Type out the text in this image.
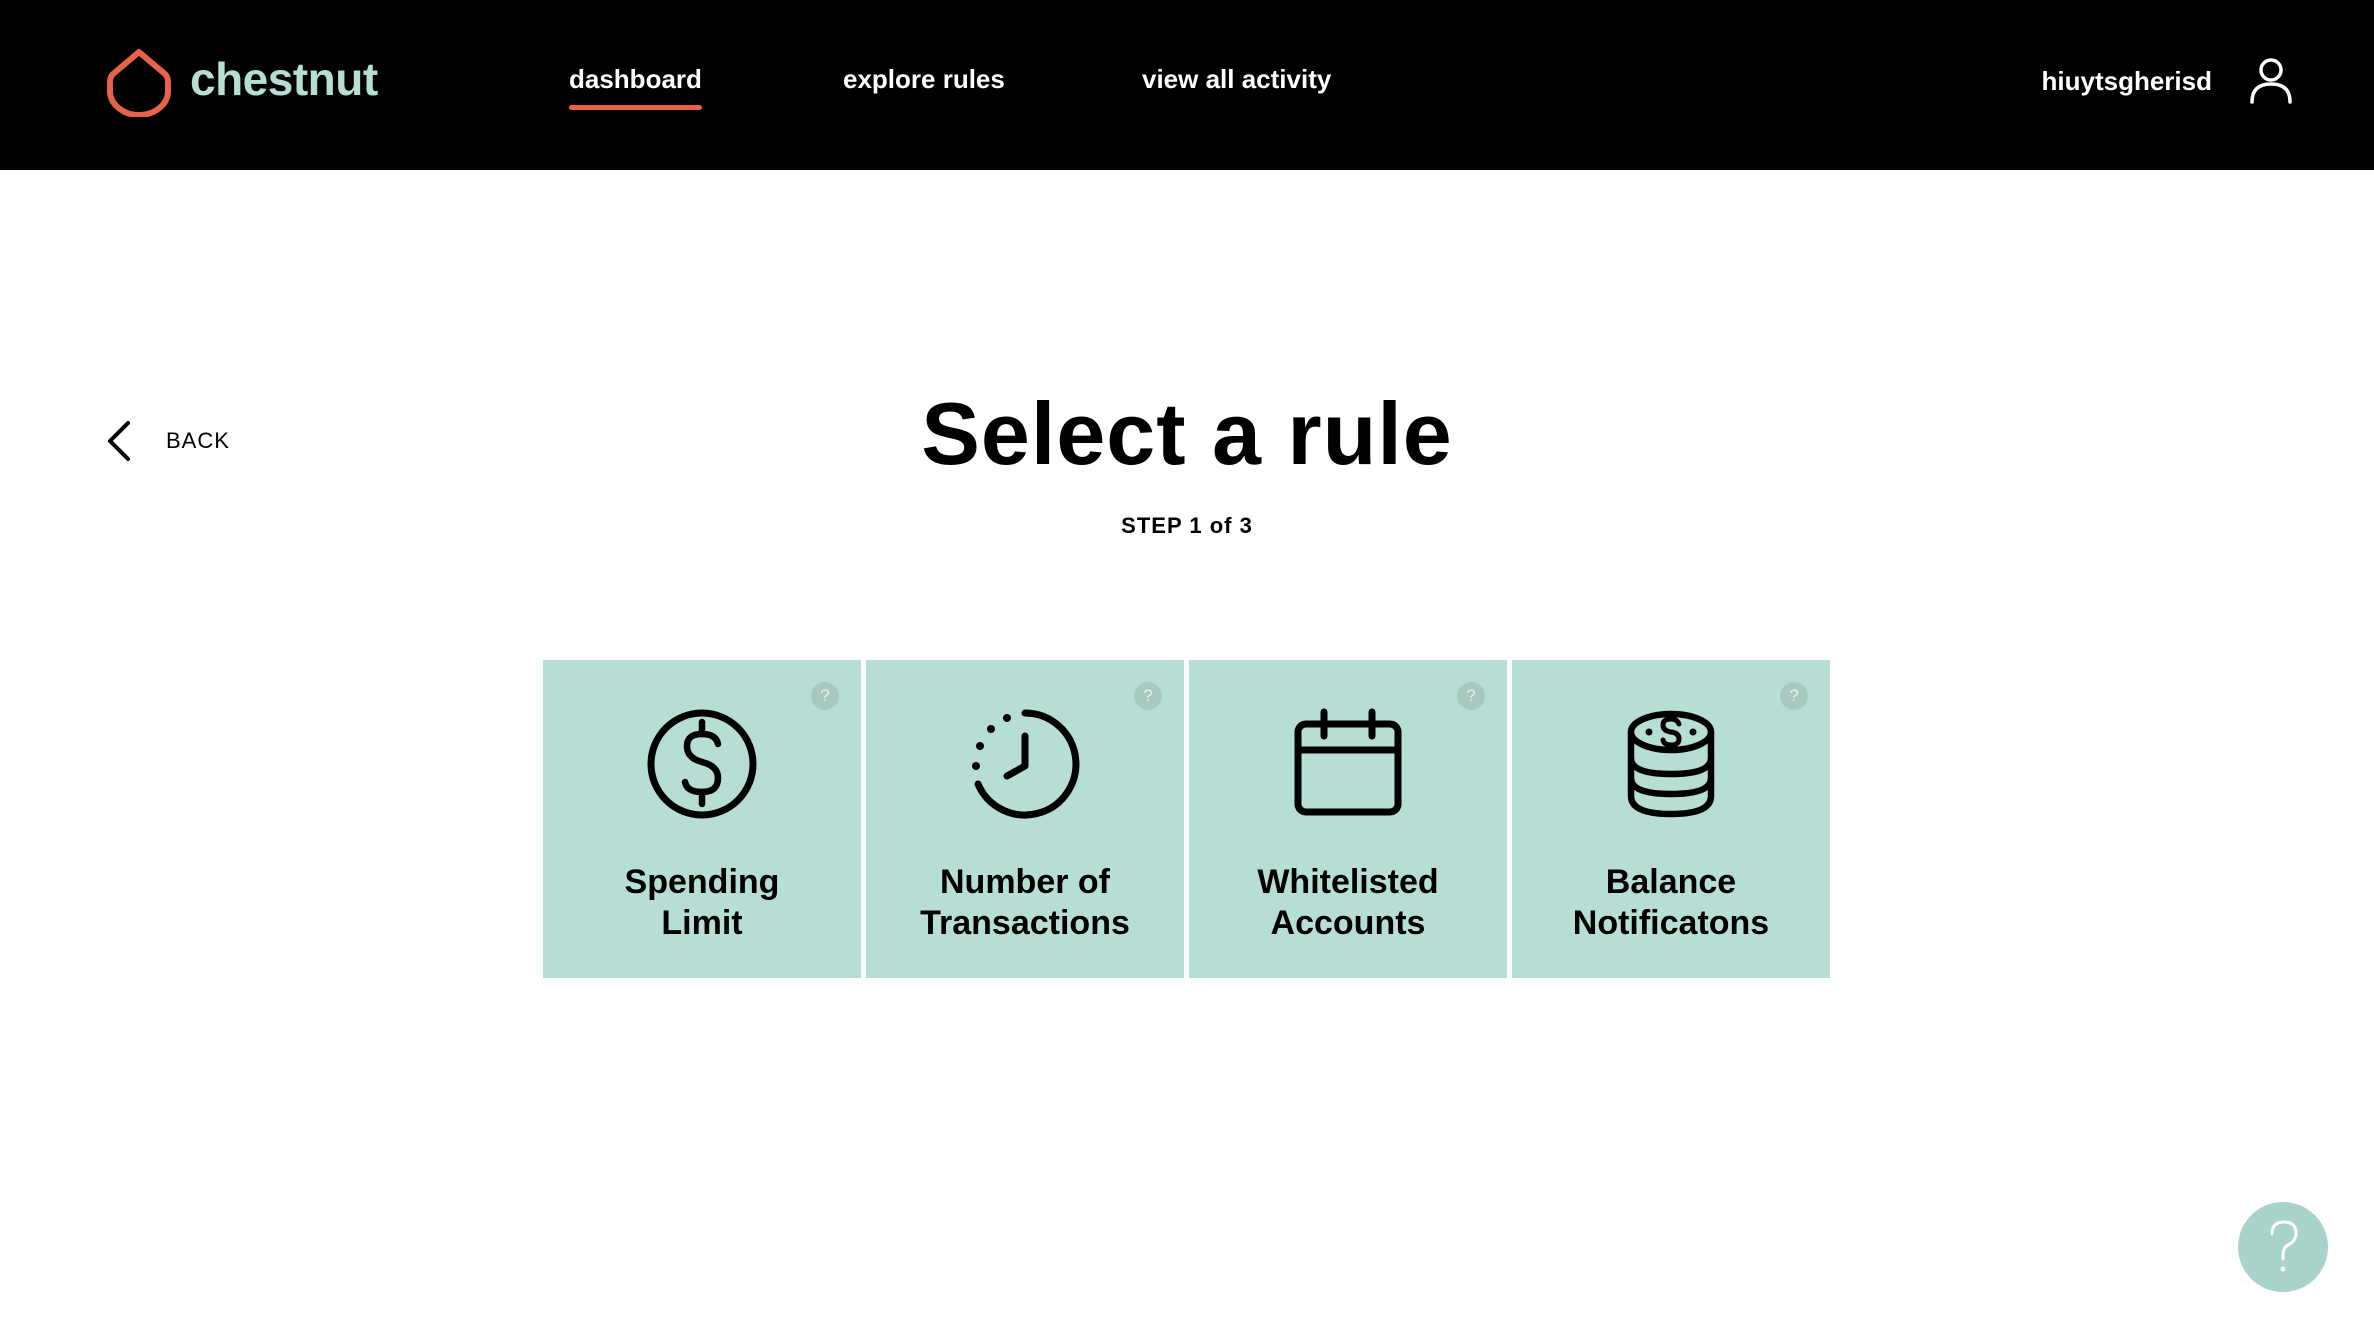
chestnut	dashboard	explore rules	view all activity	hiuytsgherisd
BACK	Select a rule
STEP 1 of 3
?
Spending
Limit
?
Number of
Transactions
?
Whitelisted
Accounts
?
Balance
Notificatons
